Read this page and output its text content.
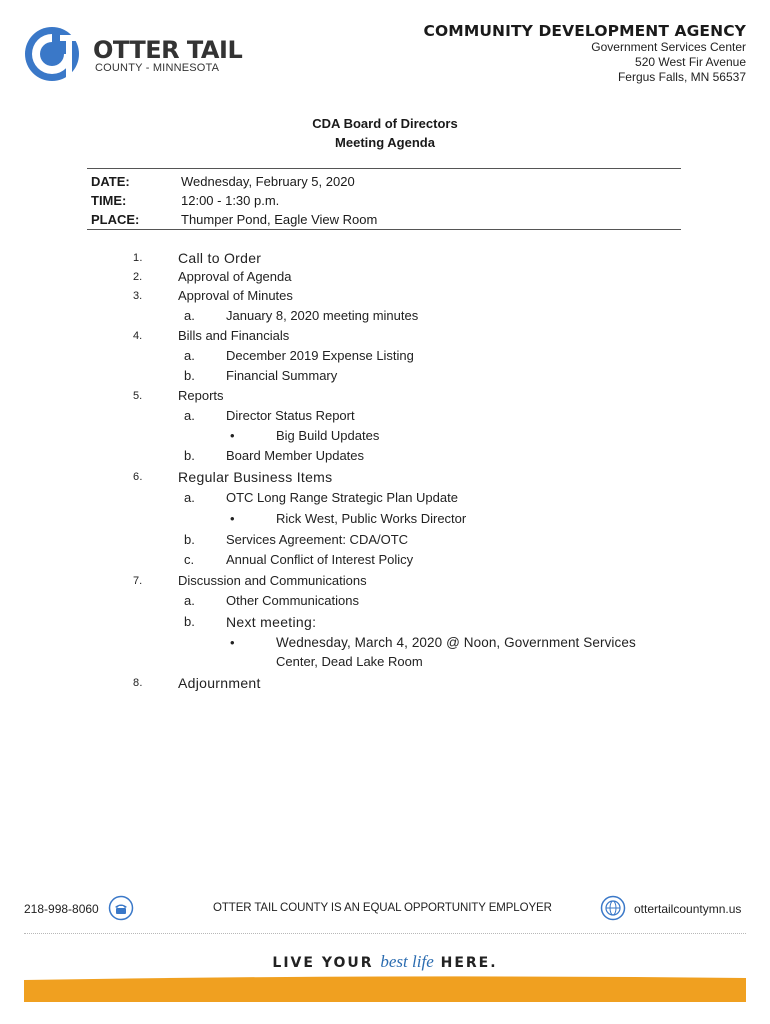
OTTER TAIL
COUNTY - MINNESOTA
COMMUNITY DEVELOPMENT AGENCY
Government Services Center
520 West Fir Avenue
Fergus Falls, MN 56537
CDA Board of Directors
Meeting Agenda
DATE:	Wednesday, February 5, 2020
TIME:	12:00 - 1:30 p.m.
PLACE:	Thumper Pond, Eagle View Room
1.	Call to Order
2.	Approval of Agenda
3.	Approval of Minutes
a. January 8, 2020 meeting minutes
4.	Bills and Financials
a. December 2019 Expense Listing
b. Financial Summary
5.	Reports
a. Director Status Report
•	Big Build Updates
b. Board Member Updates
6.	Regular Business Items
a. OTC Long Range Strategic Plan Update
•	Rick West, Public Works Director
b. Services Agreement: CDA/OTC
c. Annual Conflict of Interest Policy
7.	Discussion and Communications
a. Other Communications
b. Next meeting:
•	Wednesday, March 4, 2020 @ Noon, Government Services
Center, Dead Lake Room
8.	Adjournment
218-998-8060	OTTER TAIL COUNTY IS AN EQUAL OPPORTUNITY EMPLOYER	ottertailcountymn.us
LIVE YOUR best life HERE.
